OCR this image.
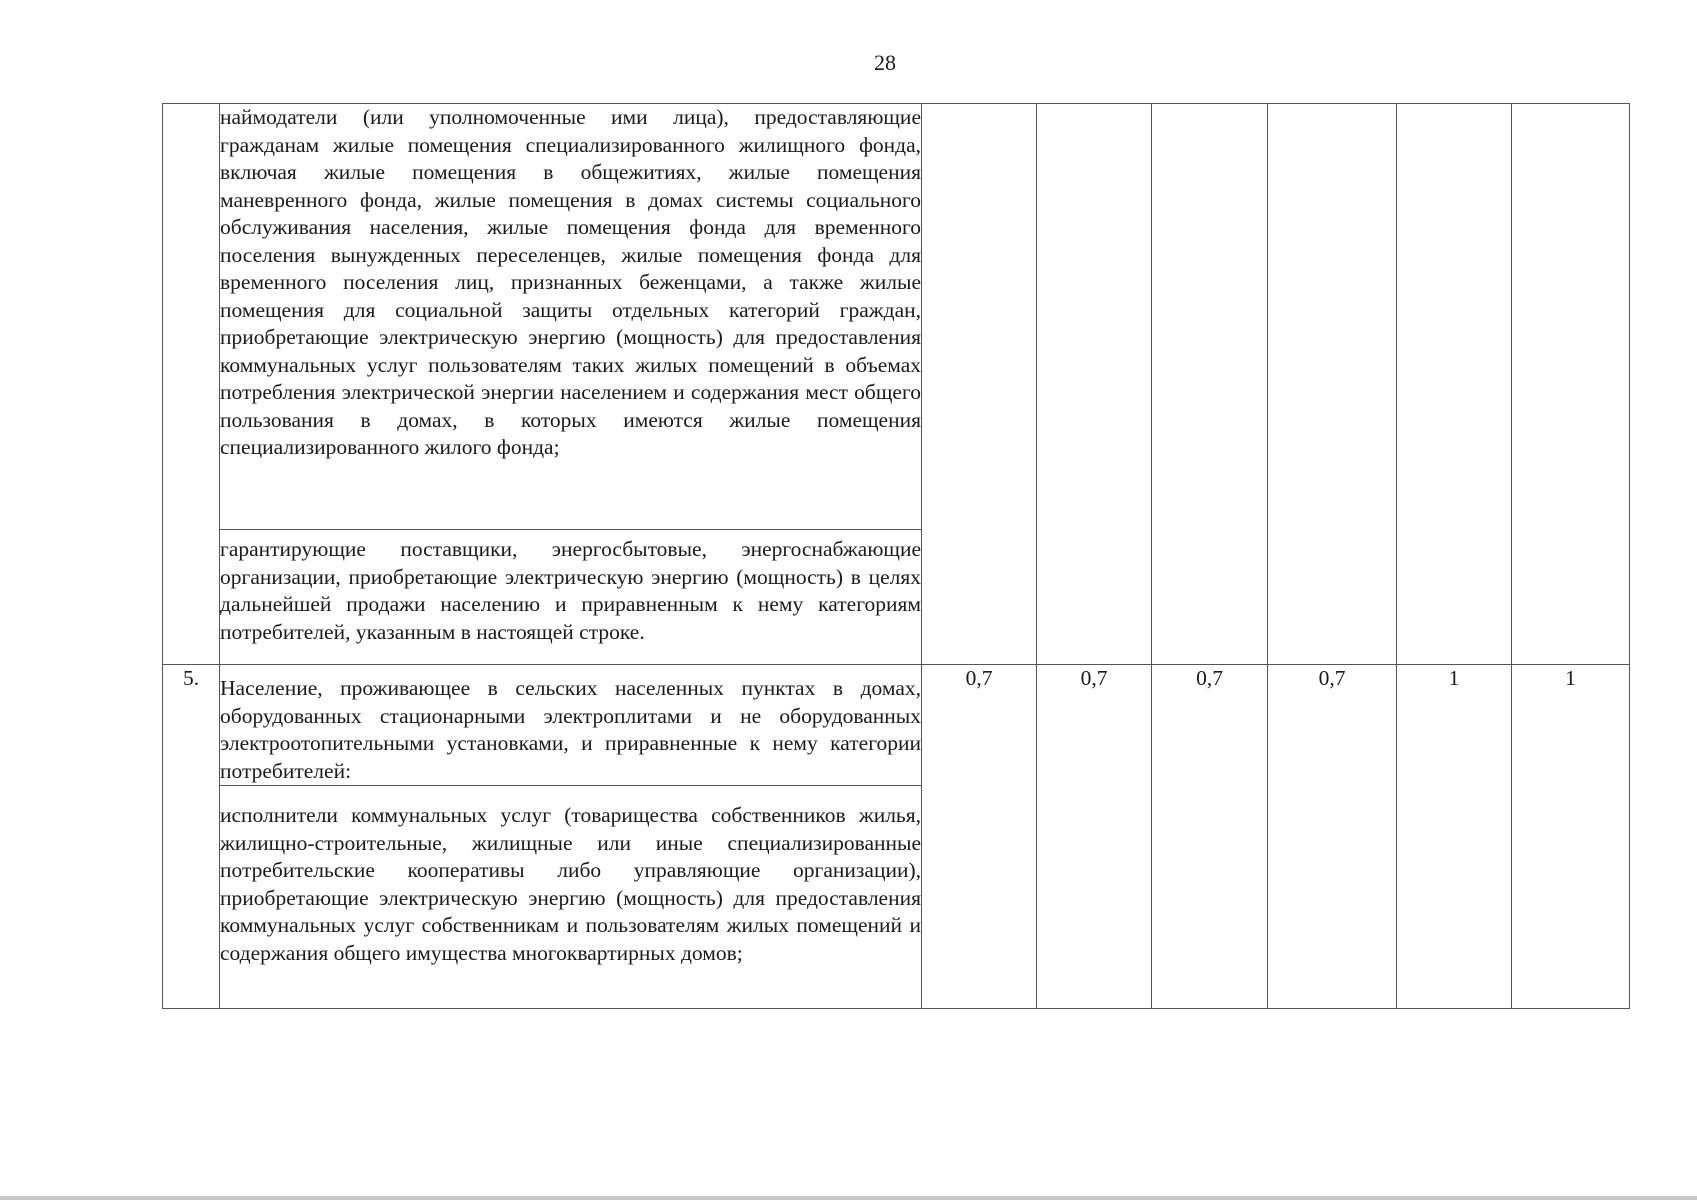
28
	наймодатели (или уполномоченные ими лица), предоставляющие гражданам жилые помещения специализированного жилищного фонда, включая жилые помещения в общежитиях, жилые помещения маневренного фонда, жилые помещения в домах системы социального обслуживания населения, жилые помещения фонда для временного поселения вынужденных переселенцев, жилые помещения фонда для временного поселения лиц, признанных беженцами, а также жилые помещения для социальной защиты отдельных категорий граждан, приобретающие электрическую энергию (мощность) для предоставления коммунальных услуг пользователям таких жилых помещений в объемах потребления электрической энергии населением и содержания мест общего пользования в домах, в которых имеются жилые помещения специализированного жилого фонда;						
	гарантирующие поставщики, энергосбытовые, энергоснабжающие организации, приобретающие электрическую энергию (мощность) в целях дальнейшей продажи населению и приравненным к нему категориям потребителей, указанным в настоящей строке.						
5.	Население, проживающее в сельских населенных пунктах в домах, оборудованных стационарными электроплитами и не оборудованных электроотопительными установками, и приравненные к нему категории потребителей:	0,7	0,7	0,7	0,7	1	1
	исполнители коммунальных услуг (товарищества собственников жилья, жилищно-строительные, жилищные или иные специализированные потребительские кооперативы либо управляющие организации), приобретающие электрическую энергию (мощность) для предоставления коммунальных услуг собственникам и пользователям жилых помещений и содержания общего имущества многоквартирных домов;						
